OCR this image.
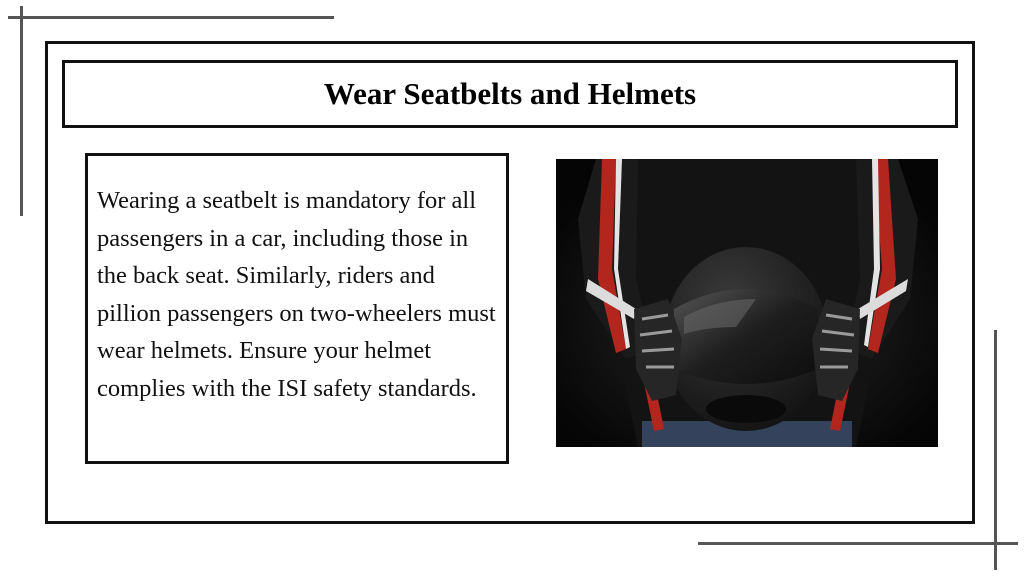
Wear Seatbelts and Helmets

Wearing a seatbelt is mandatory for all passengers in a car, including those in the back seat. Similarly, riders and pillion passengers on two-wheelers must wear helmets. Ensure your helmet complies with the ISI safety standards.
